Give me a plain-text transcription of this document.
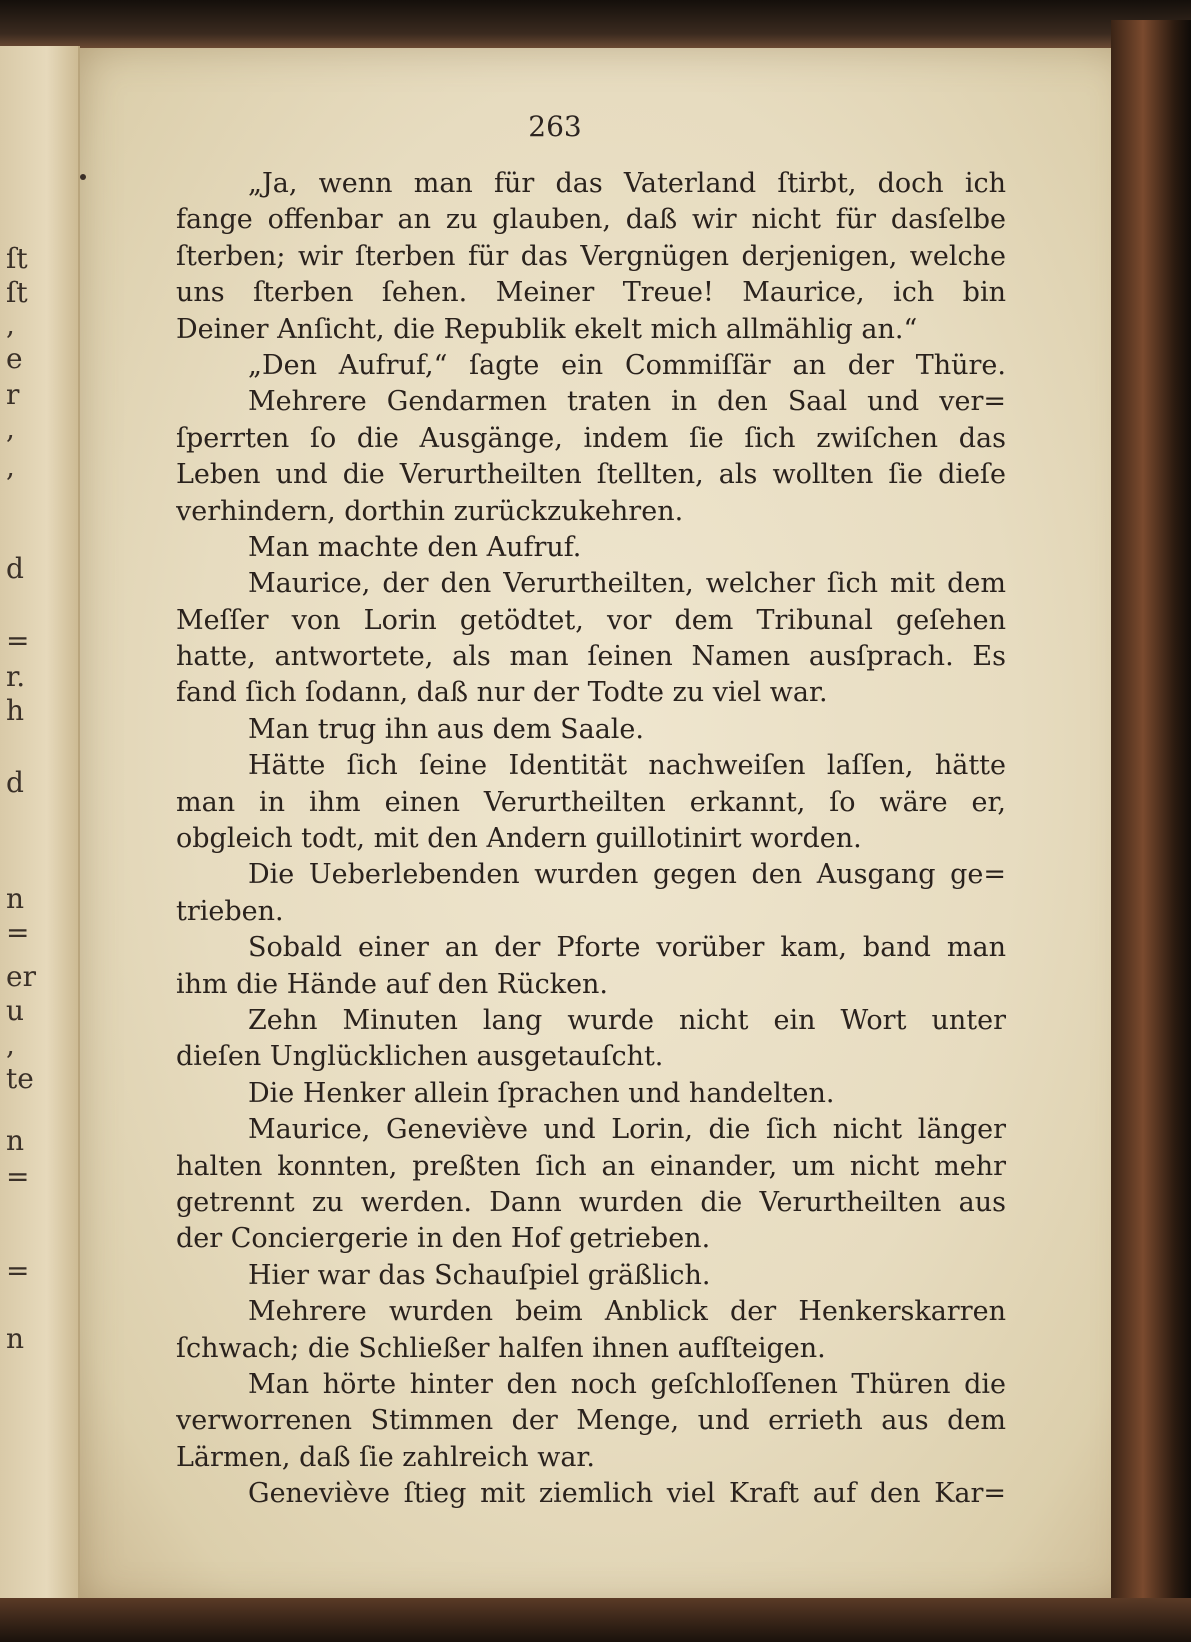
ſt
ſt
,
e
r
,
,
d
=
r.
h
d
n
=
er
u
,
te
n
=
=
n
263
„Ja, wenn man für das Vaterland ſtirbt, doch ich
fange offenbar an zu glauben, daß wir nicht für dasſelbe
ſterben; wir ſterben für das Vergnügen derjenigen, welche
uns ſterben ſehen. Meiner Treue! Maurice, ich bin
Deiner Anſicht, die Republik ekelt mich allmählig an.“
„Den Aufruf,“ ſagte ein Commiſſär an der Thüre.
Mehrere Gendarmen traten in den Saal und ver=
ſperrten ſo die Ausgänge, indem ſie ſich zwiſchen das
Leben und die Verurtheilten ſtellten, als wollten ſie dieſe
verhindern, dorthin zurückzukehren.
Man machte den Aufruf.
Maurice, der den Verurtheilten, welcher ſich mit dem
Meſſer von Lorin getödtet, vor dem Tribunal geſehen
hatte, antwortete, als man ſeinen Namen ausſprach. Es
fand ſich ſodann, daß nur der Todte zu viel war.
Man trug ihn aus dem Saale.
Hätte ſich ſeine Identität nachweiſen laſſen, hätte
man in ihm einen Verurtheilten erkannt, ſo wäre er,
obgleich todt, mit den Andern guillotinirt worden.
Die Ueberlebenden wurden gegen den Ausgang ge=
trieben.
Sobald einer an der Pforte vorüber kam, band man
ihm die Hände auf den Rücken.
Zehn Minuten lang wurde nicht ein Wort unter
dieſen Unglücklichen ausgetauſcht.
Die Henker allein ſprachen und handelten.
Maurice, Geneviève und Lorin, die ſich nicht länger
halten konnten, preßten ſich an einander, um nicht mehr
getrennt zu werden. Dann wurden die Verurtheilten aus
der Conciergerie in den Hof getrieben.
Hier war das Schauſpiel gräßlich.
Mehrere wurden beim Anblick der Henkerskarren
ſchwach; die Schließer halfen ihnen aufſteigen.
Man hörte hinter den noch geſchloſſenen Thüren die
verworrenen Stimmen der Menge, und errieth aus dem
Lärmen, daß ſie zahlreich war.
Geneviève ſtieg mit ziemlich viel Kraft auf den Kar=
